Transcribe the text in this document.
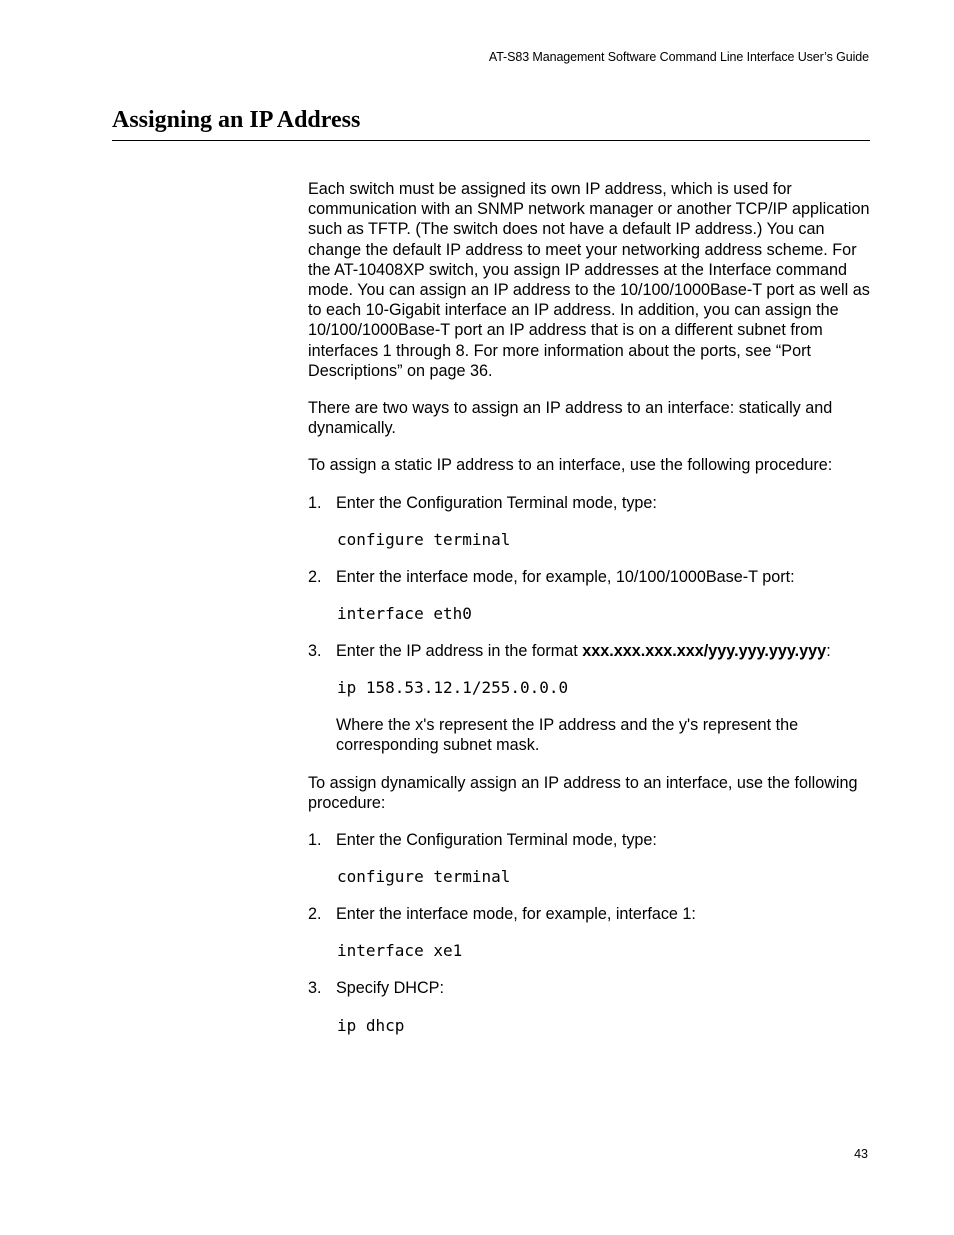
AT-S83 Management Software Command Line Interface User’s Guide
Assigning an IP Address

Each switch must be assigned its own IP address, which is used for communication with an SNMP network manager or another TCP/IP application such as TFTP. (The switch does not have a default IP address.) You can change the default IP address to meet your networking address scheme. For the AT-10408XP switch, you assign IP addresses at the Interface command mode. You can assign an IP address to the 10/100/1000Base-T port as well as to each 10-Gigabit interface an IP address. In addition, you can assign the 10/100/1000Base-T port an IP address that is on a different subnet from interfaces 1 through 8. For more information about the ports, see “Port Descriptions” on page 36.

There are two ways to assign an IP address to an interface: statically and dynamically.

To assign a static IP address to an interface, use the following procedure:

1. Enter the Configuration Terminal mode, type:
configure terminal
2. Enter the interface mode, for example, 10/100/1000Base-T port:
interface eth0
3. Enter the IP address in the format xxx.xxx.xxx.xxx/yyy.yyy.yyy.yyy:
ip 158.53.12.1/255.0.0.0
Where the x's represent the IP address and the y's represent the corresponding subnet mask.

To assign dynamically assign an IP address to an interface, use the following procedure:

1. Enter the Configuration Terminal mode, type:
configure terminal
2. Enter the interface mode, for example, interface 1:
interface xe1
3. Specify DHCP:
ip dhcp
43
